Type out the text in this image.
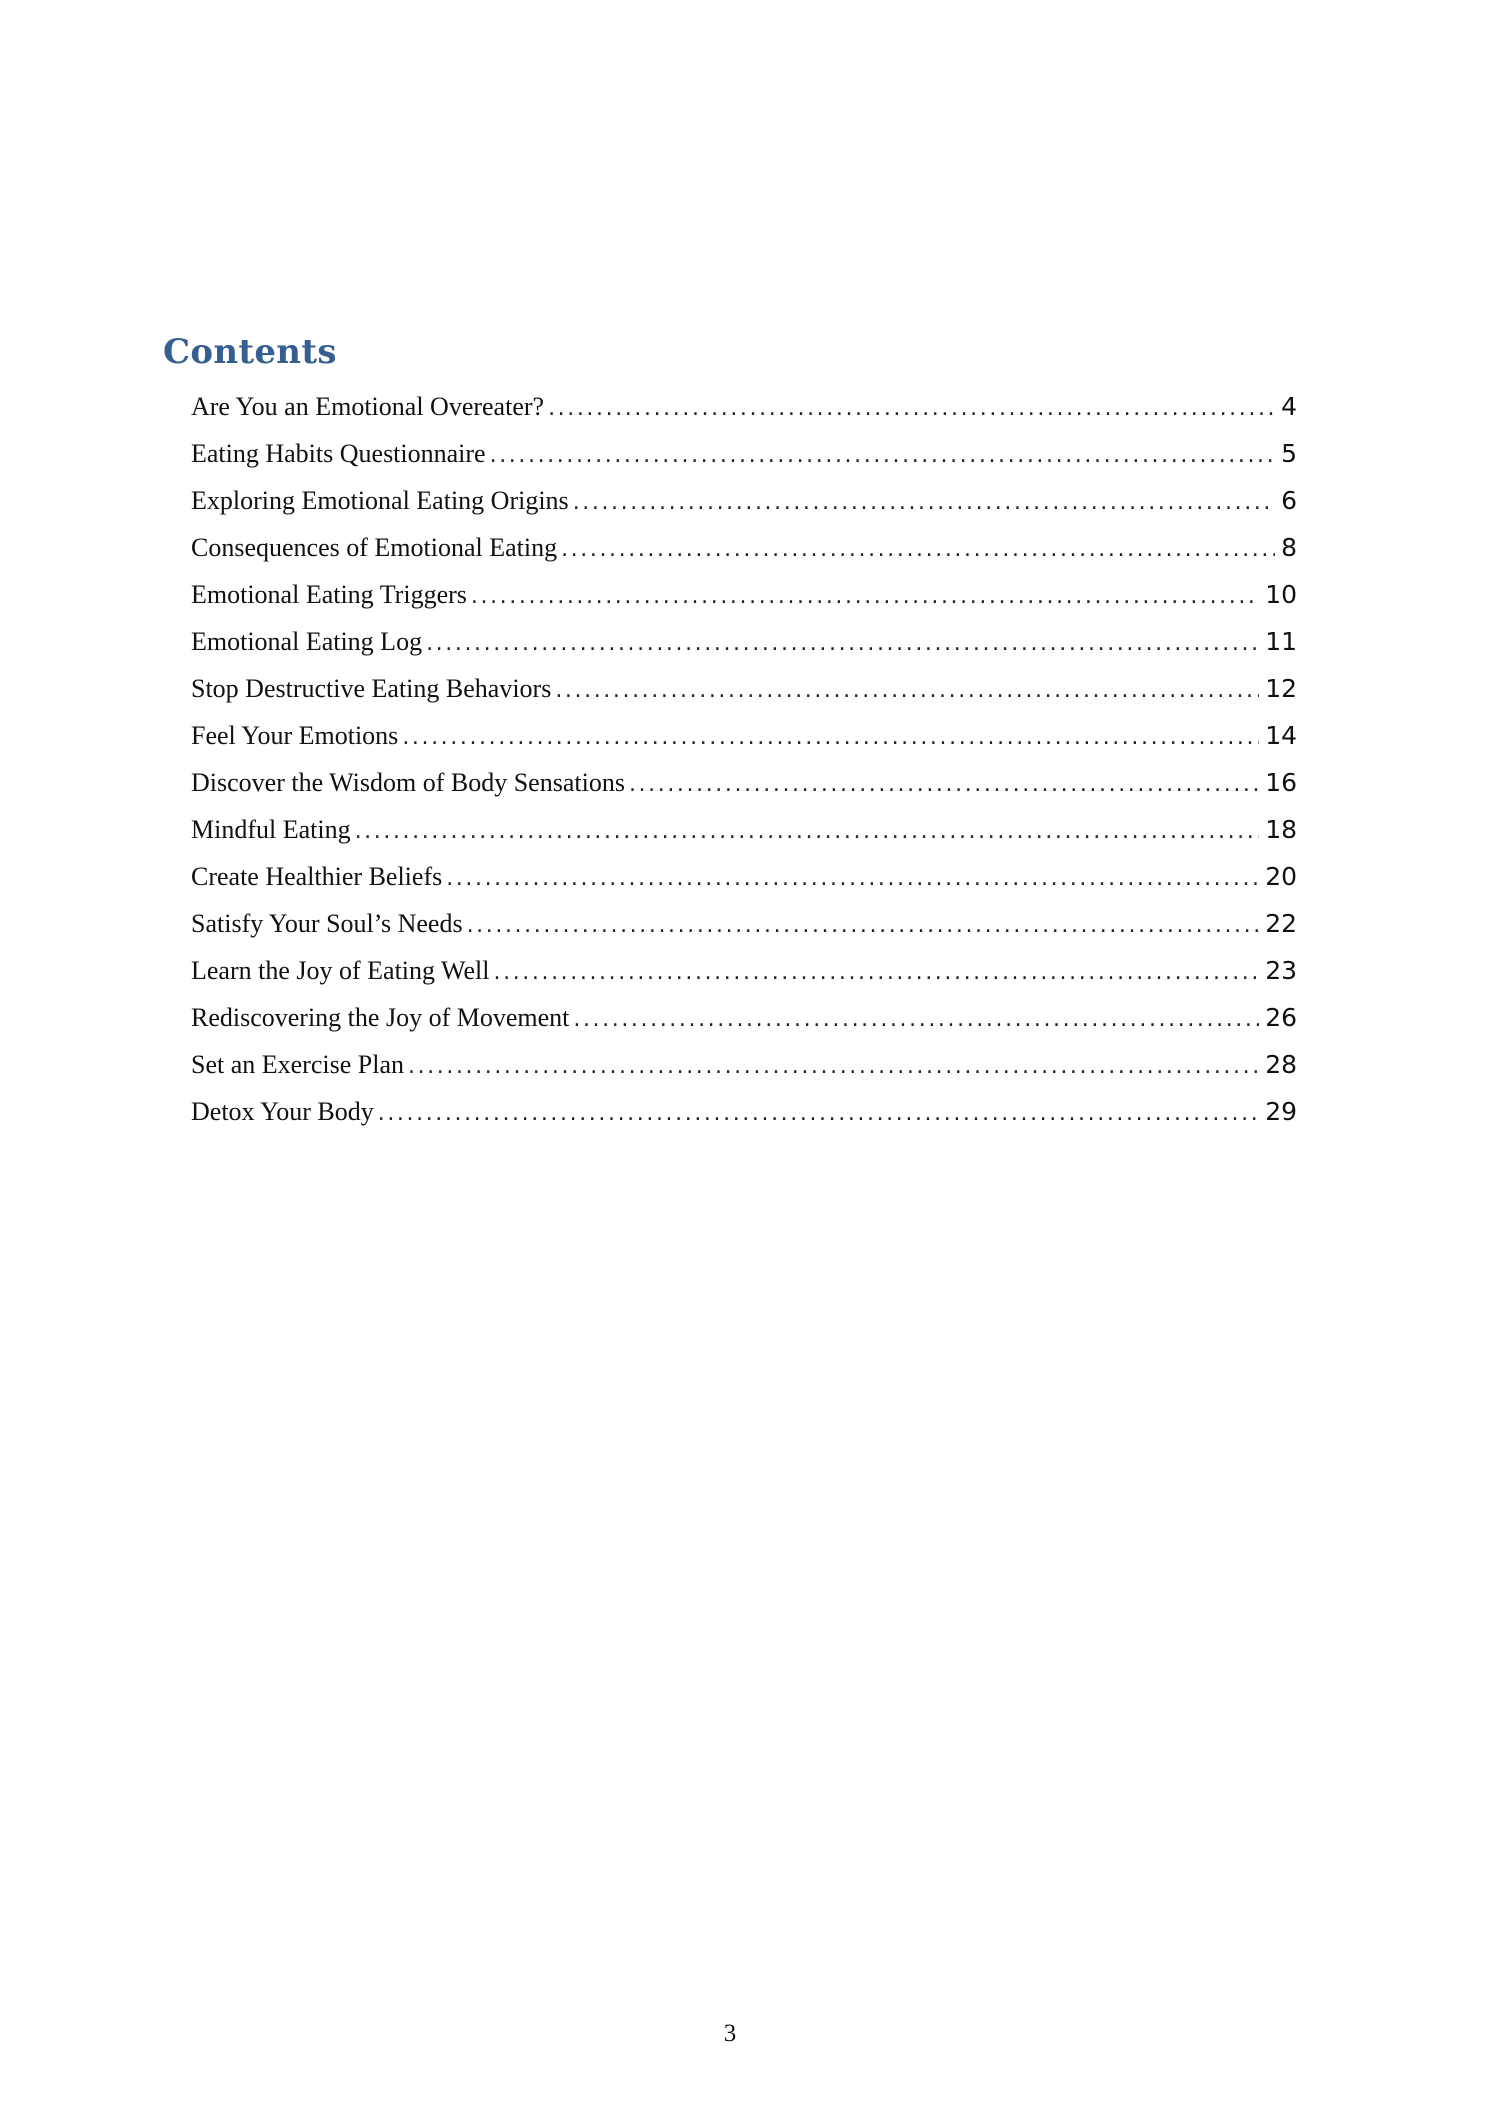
Contents
Are You an Emotional Overeater? .....	4
Eating Habits Questionnaire .....	5
Exploring Emotional Eating Origins .....	6
Consequences of Emotional Eating .....	8
Emotional Eating Triggers .....	10
Emotional Eating Log .....	11
Stop Destructive Eating Behaviors .....	12
Feel Your Emotions .....	14
Discover the Wisdom of Body Sensations .....	16
Mindful Eating .....	18
Create Healthier Beliefs .....	20
Satisfy Your Soul’s Needs .....	22
Learn the Joy of Eating Well .....	23
Rediscovering the Joy of Movement .....	26
Set an Exercise Plan .....	28
Detox Your Body .....	29
3
